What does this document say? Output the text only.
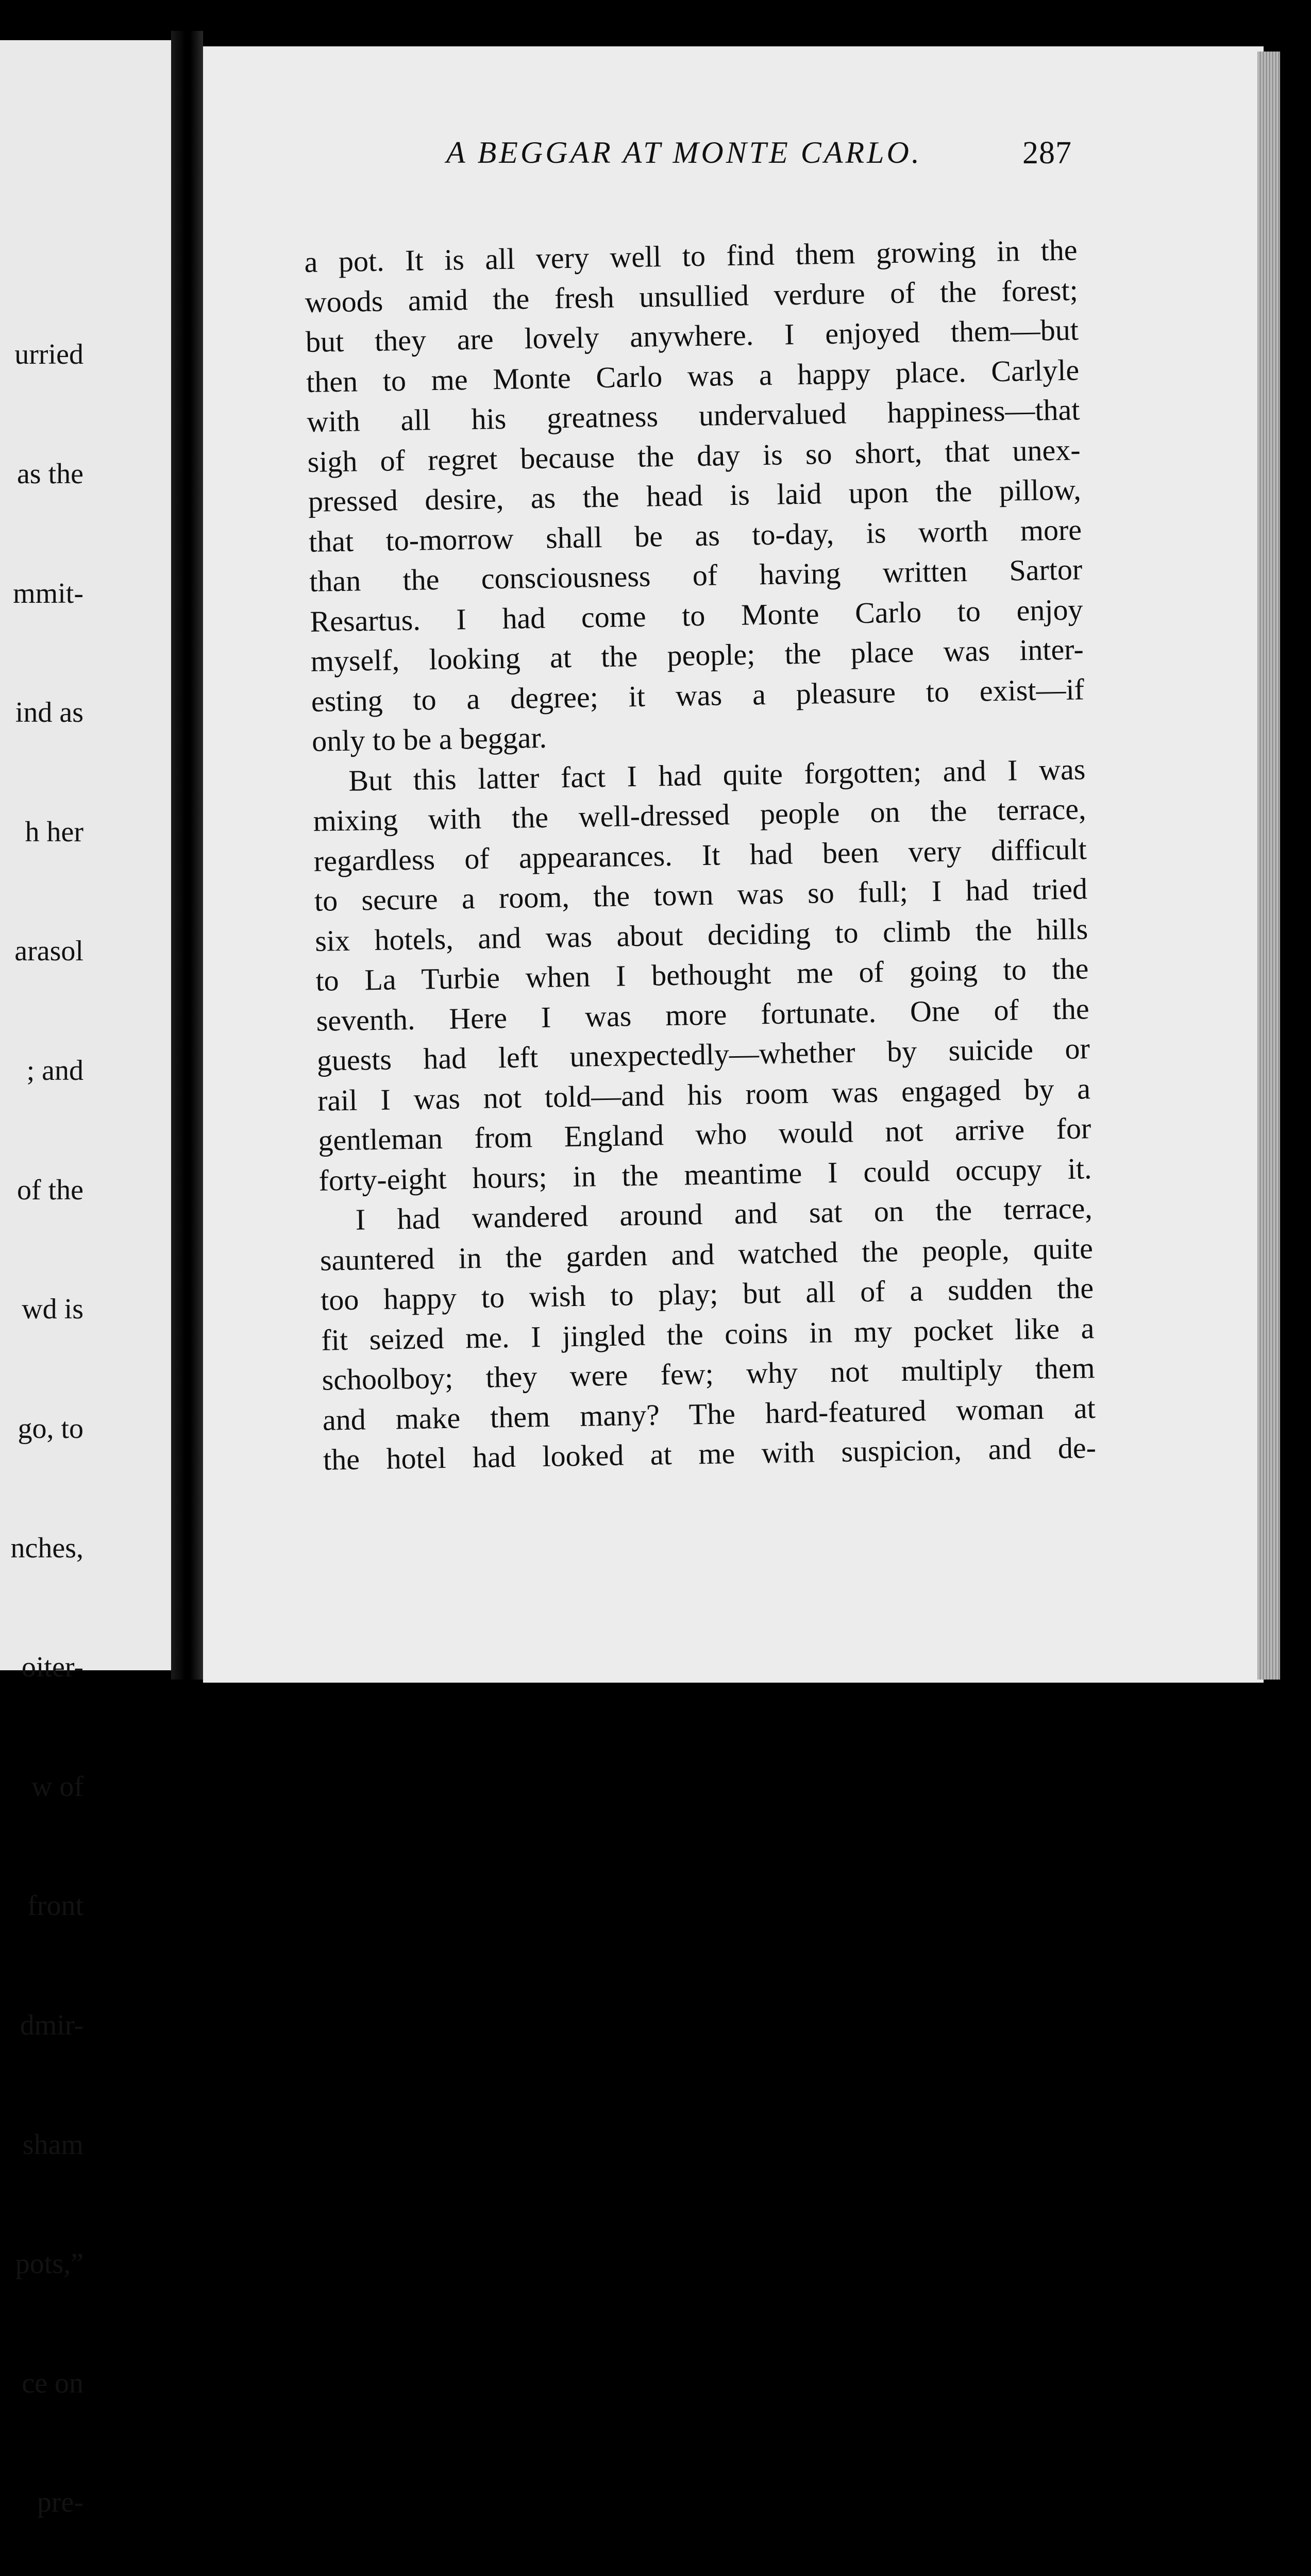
urried

as the

mmit-

ind as

h her

arasol

; and

of the

wd is

go, to

nches,

oiter-

w of

front

dmir-

sham

pots,”

ce on

pre-

A BEGGAR AT MONTE CARLO.	287
a pot. It is all very well to find them growing in the
woods amid the fresh unsullied verdure of the forest;
but they are lovely anywhere. I enjoyed them—but
then to me Monte Carlo was a happy place. Carlyle
with all his greatness undervalued happiness—that
sigh of regret because the day is so short, that unex-
pressed desire, as the head is laid upon the pillow,
that to-morrow shall be as to-day, is worth more
than the consciousness of having written Sartor
Resartus. I had come to Monte Carlo to enjoy
myself, looking at the people; the place was inter-
esting to a degree; it was a pleasure to exist—if
only to be a beggar.
But this latter fact I had quite forgotten; and I was
mixing with the well-dressed people on the terrace,
regardless of appearances. It had been very difficult
to secure a room, the town was so full; I had tried
six hotels, and was about deciding to climb the hills
to La Turbie when I bethought me of going to the
seventh. Here I was more fortunate. One of the
guests had left unexpectedly—whether by suicide or
rail I was not told—and his room was engaged by a
gentleman from England who would not arrive for
forty-eight hours; in the meantime I could occupy it.
I had wandered around and sat on the terrace,
sauntered in the garden and watched the people, quite
too happy to wish to play; but all of a sudden the
fit seized me. I jingled the coins in my pocket like a
schoolboy; they were few; why not multiply them
and make them many? The hard-featured woman at
the hotel had looked at me with suspicion, and de-
